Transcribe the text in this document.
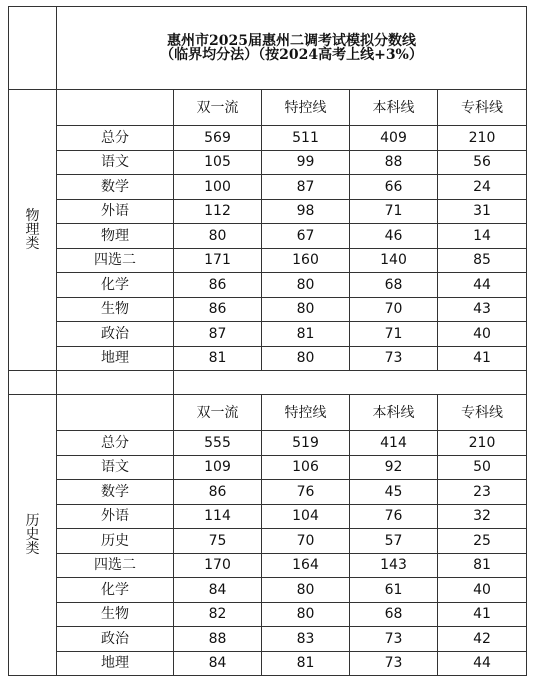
	惠州市2025届惠州二调考试模拟分数线
（临界均分法）（按2024高考上线+3%）				

物
理
类		双一流	特控线	本科线	专科线
	总分	569	511	409	210
	语文	105	99	88	56
	数学	100	87	66	24
	外语	112	98	71	31
	物理	80	67	46	14
	四选二	171	160	140	85
	化学	86	80	68	44
	生物	86	80	70	43
	政治	87	81	71	40
	地理	81	80	73	41

历
史
类		双一流	特控线	本科线	专科线
	总分	555	519	414	210
	语文	109	106	92	50
	数学	86	76	45	23
	外语	114	104	76	32
	历史	75	70	57	25
	四选二	170	164	143	81
	化学	84	80	61	40
	生物	82	80	68	41
	政治	88	83	73	42
	地理	84	81	73	44
